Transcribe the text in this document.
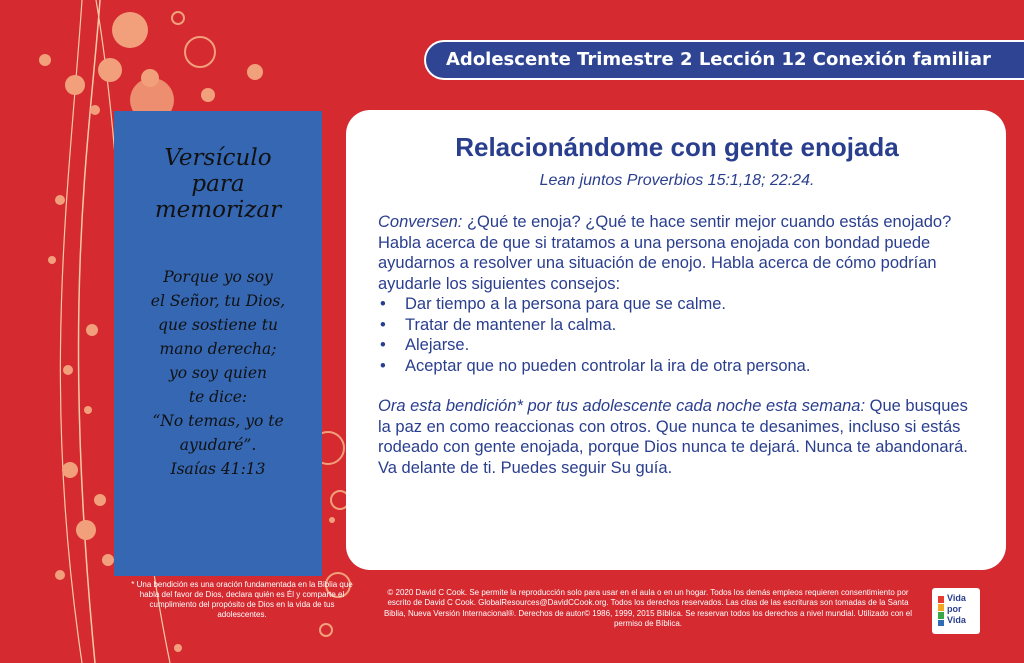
Adolescente Trimestre 2 Lección 12 Conexión familiar
Versículo
para
memorizar
Porque yo soy
el Señor, tu Dios,
que sostiene tu
mano derecha;
yo soy quien
te dice:
“No temas, yo te
ayudaré”.
Isaías 41:13
* Una bendición es una oración fundamentada en la Biblia que habla del favor de Dios, declara quién es Él y comparte el cumplimiento del propósito de Dios en la vida de tus adolescentes.
Relacionándome con gente enojada
Lean juntos Proverbios 15:1,18; 22:24.
Conversen: ¿Qué te enoja? ¿Qué te hace sentir mejor cuando estás enojado? Habla acerca de que si tratamos a una persona enojada con bondad puede ayudarnos a resolver una situación de enojo. Habla acerca de cómo podrían ayudarle los siguientes consejos:
• Dar tiempo a la persona para que se calme.
• Tratar de mantener la calma.
• Alejarse.
• Aceptar que no pueden controlar la ira de otra persona.
Ora esta bendición* por tus adolescente cada noche esta semana: Que busques la paz en como reaccionas con otros. Que nunca te desanimes, incluso si estás rodeado con gente enojada, porque Dios nunca te dejará. Nunca te abandonará. Va delante de ti. Puedes seguir Su guía.
© 2020 David C Cook. Se permite la reproducción solo para usar en el aula o en un hogar. Todos los demás empleos requieren consentimiento por escrito de David C Cook. GlobalResources@DavidCCook.org. Todos los derechos reservados. Las citas de las escrituras son tomadas de la Santa Biblia, Nueva Versión Internacional®. Derechos de autor© 1986, 1999, 2015 Bíblica. Se reservan todos los derechos a nivel mundial. Utilizado con el permiso de Bíblica.
Vida
por
Vida
